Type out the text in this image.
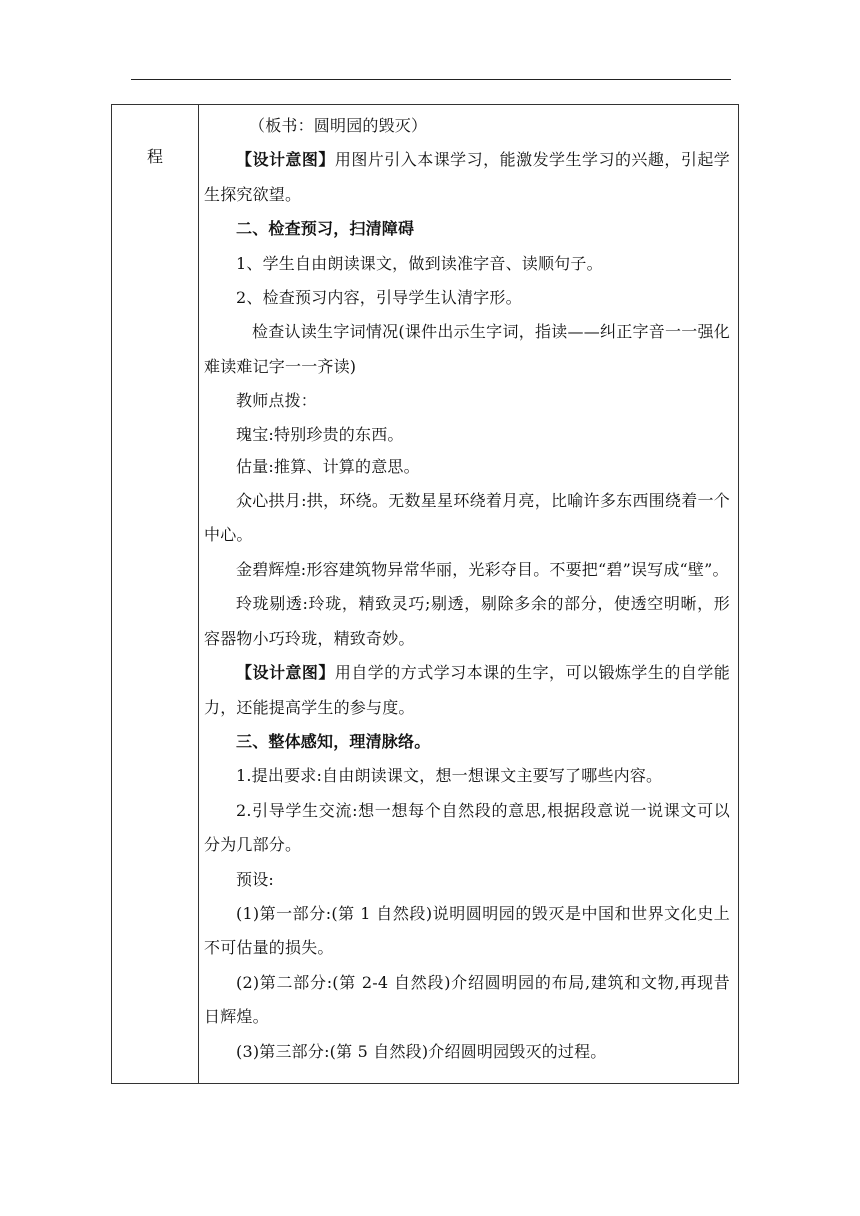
程

（板书：圆明园的毁灭）

【设计意图】用图片引入本课学习，能激发学生学习的兴趣，引起学生探究欲望。

二、检查预习，扫清障碍

1、学生自由朗读课文，做到读准字音、读顺句子。

2、检查预习内容，引导学生认清字形。

检查认读生字词情况(课件出示生字词，指读——纠正字音一一强化难读难记字一一齐读)

教师点拨：

瑰宝:特别珍贵的东西。

估量:推算、计算的意思。

众心拱月:拱，环绕。无数星星环绕着月亮，比喻许多东西围绕着一个中心。

金碧辉煌:形容建筑物异常华丽，光彩夺目。不要把“碧”误写成“壁”。

玲珑剔透:玲珑，精致灵巧;剔透，剔除多余的部分，使透空明晰，形容器物小巧玲珑，精致奇妙。

【设计意图】用自学的方式学习本课的生字，可以锻炼学生的自学能力，还能提高学生的参与度。

三、整体感知，理清脉络。

1.提出要求:自由朗读课文，想一想课文主要写了哪些内容。

2.引导学生交流:想一想每个自然段的意思,根据段意说一说课文可以分为几部分。

预设:

(1)第一部分:(第 1 自然段)说明圆明园的毁灭是中国和世界文化史上不可估量的损失。

(2)第二部分:(第 2-4 自然段)介绍圆明园的布局,建筑和文物,再现昔日辉煌。

(3)第三部分:(第 5 自然段)介绍圆明园毁灭的过程。
